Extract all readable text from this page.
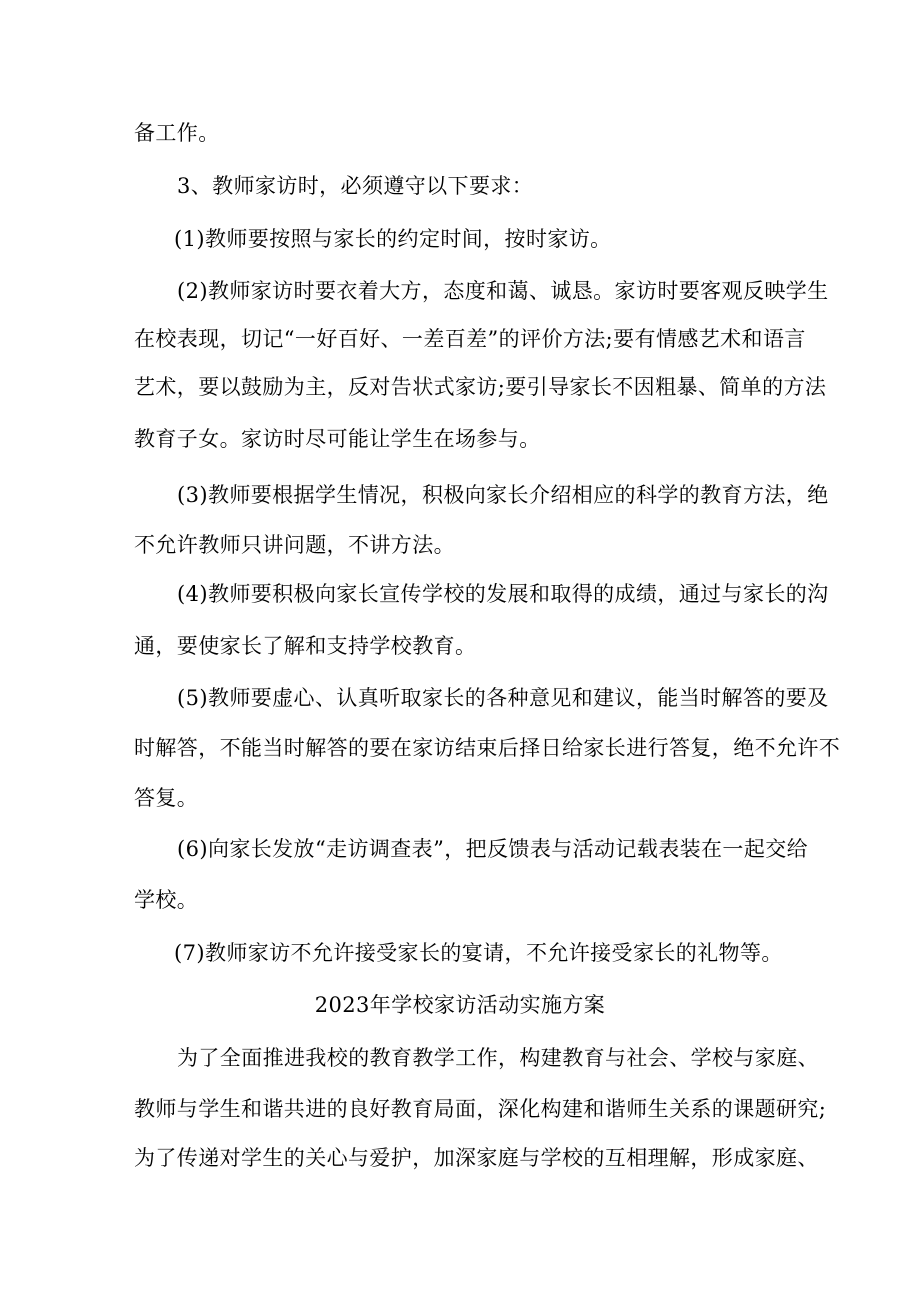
备工作。
3、教师家访时，必须遵守以下要求：
(1)教师要按照与家长的约定时间，按时家访。
(2)教师家访时要衣着大方，态度和蔼、诚恳。家访时要客观反映学生
在校表现，切记“一好百好、一差百差”的评价方法;要有情感艺术和语言
艺术，要以鼓励为主，反对告状式家访;要引导家长不因粗暴、简单的方法
教育子女。家访时尽可能让学生在场参与。
(3)教师要根据学生情况，积极向家长介绍相应的科学的教育方法，绝
不允许教师只讲问题，不讲方法。
(4)教师要积极向家长宣传学校的发展和取得的成绩，通过与家长的沟
通，要使家长了解和支持学校教育。
(5)教师要虚心、认真听取家长的各种意见和建议，能当时解答的要及
时解答，不能当时解答的要在家访结束后择日给家长进行答复，绝不允许不
答复。
(6)向家长发放“走访调查表”，把反馈表与活动记载表装在一起交给
学校。
(7)教师家访不允许接受家长的宴请，不允许接受家长的礼物等。
2023年学校家访活动实施方案
为了全面推进我校的教育教学工作，构建教育与社会、学校与家庭、
教师与学生和谐共进的良好教育局面，深化构建和谐师生关系的课题研究;
为了传递对学生的关心与爱护，加深家庭与学校的互相理解，形成家庭、
